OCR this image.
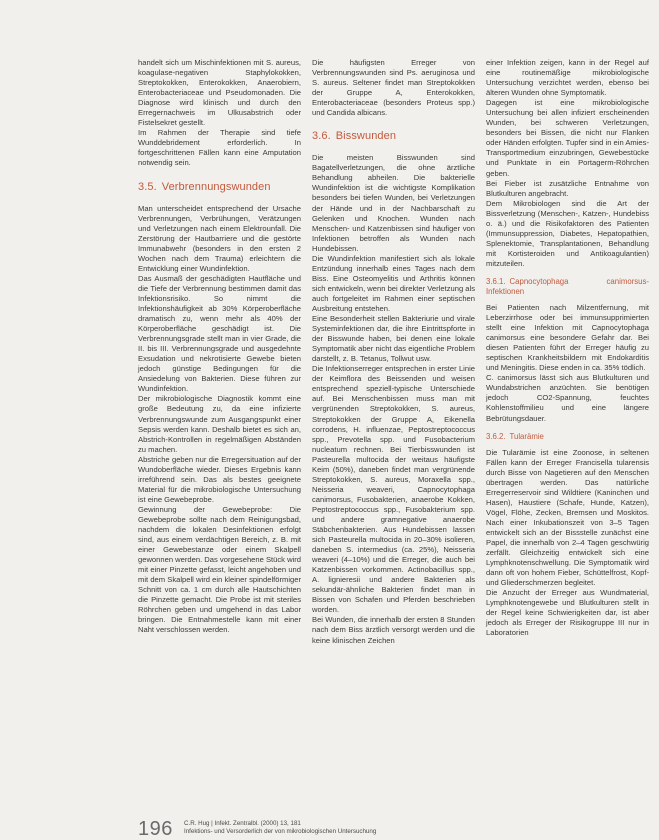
handelt sich um Mischinfektionen mit S. aureus, koagulase-negativen Staphylokokken, Streptokokken, Enterokokken, Anaerobiern, Enterobacteriaceae und Pseudomonaden. Die Diagnose wird klinisch und durch den Erregernachweis im Ulkusabstrich oder Fistelsekret gestellt.

Im Rahmen der Therapie sind tiefe Wunddebridement erforderlich. In fortgeschrittenen Fällen kann eine Amputation notwendig sein.

3.5. Verbrennungswunden

Man unterscheidet entsprechend der Ursache Verbrennungen, Verbrühungen, Verätzungen und Verletzungen nach einem Elektrounfall. Die Zerstörung der Hautbarriere und die gestörte Immunabwehr (besonders in den ersten 2 Wochen nach dem Trauma) erleichtern die Entwicklung einer Wundinfektion.

Das Ausmaß der geschädigten Hautfläche und die Tiefe der Verbrennung bestimmen damit das Infektionsrisiko. So nimmt die Infektionshäufigkeit ab 30% Körperoberfläche dramatisch zu, wenn mehr als 40% der Körperoberfläche geschädigt ist. Die Verbrennungsgrade stellt man in vier Grade, die II. bis III. Verbrennungsgrade und ausgedehnte Exsudation und nekrotisierte Gewebe bieten jedoch günstige Bedingungen für die Ansiedelung von Bakterien. Diese führen zur Wundinfektion.

Der mikrobiologische Diagnostik kommt eine große Bedeutung zu, da eine infizierte Verbrennungswunde zum Ausgangspunkt einer Sepsis werden kann. Deshalb bietet es sich an, Abstrich-Kontrollen in regelmäßigen Abständen zu machen.

Abstriche geben nur die Erregersituation auf der Wundoberfläche wieder. Dieses Ergebnis kann irreführend sein. Das als bestes geeignete Material für die mikrobiologische Untersuchung ist eine Gewebeprobe.

Gewinnung der Gewebeprobe: Die Gewebeprobe sollte nach dem Reinigungsbad, nachdem die lokalen Desinfektionen erfolgt sind, aus einem verdächtigen Bereich, z. B. mit einer Gewebestanze oder einem Skalpell gewonnen werden. Das vorgesehene Stück wird mit einer Pinzette gefasst, leicht angehoben und mit dem Skalpell wird ein kleiner spindelförmiger Schnitt von ca. 1 cm durch alle Hautschichten die Pinzette gemacht. Die Probe ist mit steriles Röhrchen geben und umgehend in das Labor bringen. Die Entnahmestelle kann mit einer Naht verschlossen werden.

Die häufigsten Erreger von Verbrennungswunden sind Ps. aeruginosa und S. aureus. Seltener findet man Streptokokken der Gruppe A, Enterokokken, Enterobacteriaceae (besonders Proteus spp.) und Candida albicans.

3.6. Bisswunden

Die meisten Bisswunden sind Bagatellverletzungen, die ohne ärztliche Behandlung abheilen. Die bakterielle Wundinfektion ist die wichtigste Komplikation besonders bei tiefen Wunden, bei Verletzungen der Hände und in der Nachbarschaft zu Gelenken und Knochen. Wunden nach Menschen- und Katzenbissen sind häufiger von Infektionen betroffen als Wunden nach Hundebissen.

Die Wundinfektion manifestiert sich als lokale Entzündung innerhalb eines Tages nach dem Biss. Eine Osteomyelitis und Arthritis können sich entwickeln, wenn bei direkter Verletzung als auch fortgeleitet im Rahmen einer septischen Ausbreitung entstehen.

Eine Besonderheit stellen Bakteriurie und virale Systeminfektionen dar, die ihre Eintrittspforte in der Bisswunde haben, bei denen eine lokale Symptomatik aber nicht das eigentliche Problem darstellt, z. B. Tetanus, Tollwut usw.

Die Infektionserreger entsprechen in erster Linie der Keimflora des Beissenden und weisen entsprechend speziell-typische Unterschiede auf. Bei Menschenbissen muss man mit vergrünenden Streptokokken, S. aureus, Streptokokken der Gruppe A, Eikenella corrodens, H. influenzae, Peptostreptococcus spp., Prevotella spp. und Fusobacterium nucleatum rechnen. Bei Tierbisswunden ist Pasteurella multocida der weitaus häufigste Keim (50%), daneben findet man vergrünende Streptokokken, S. aureus, Moraxella spp., Neisseria weaveri, Capnocytophaga canimorsus, Fusobakterien, anaerobe Kokken, Peptostreptococcus spp., Fusobakterium spp. und andere gramnegative anaerobe Stäbchenbakterien. Aus Hundebissen lassen sich Pasteurella multocida in 20–30% isolieren, daneben S. intermedius (ca. 25%), Neisseria weaveri (4–10%) und die Erreger, die auch bei Katzenbissen vorkommen. Actinobacillus spp., A. lignieresii und andere Bakterien als sekundär-ähnliche Bakterien findet man in Bissen von Schafen und Pferden beschrieben worden.

Bei Wunden, die innerhalb der ersten 8 Stunden nach dem Biss ärztlich versorgt werden und die keine klinischen Zeichen

einer Infektion zeigen, kann in der Regel auf eine routinemäßige mikrobiologische Untersuchung verzichtet werden, ebenso bei älteren Wunden ohne Symptomatik.

Dagegen ist eine mikrobiologische Untersuchung bei allen infiziert erscheinenden Wunden, bei schweren Verletzungen, besonders bei Bissen, die nicht nur Flanken oder Händen erfolgten. Tupfer sind in ein Amies-Transportmedium einzubringen, Gewebestücke und Punktate in ein Portagerm-Röhrchen geben.

Bei Fieber ist zusätzliche Entnahme von Blutkulturen angebracht.

Dem Mikrobiologen sind die Art der Bissverletzung (Menschen-, Katzen-, Hundebiss o. ä.) und die Risikofaktoren des Patienten (Immunsuppression, Diabetes, Hepatopathien, Splenektomie, Transplantationen, Behandlung mit Kortisteroiden und Antikoagulantien) mitzuteilen.

3.6.1. Capnocytophaga canimorsus-Infektionen

Bei Patienten nach Milzentfernung, mit Leberzirrhose oder bei immunsupprimierten stellt eine Infektion mit Capnocytophaga canimorsus eine besondere Gefahr dar. Bei diesen Patienten führt der Erreger häufig zu septischen Krankheitsbildern mit Endokarditis und Meningitis. Diese enden in ca. 35% tödlich.

C. canimorsus lässt sich aus Blutkulturen und Wundabstrichen anzüchten. Sie benötigen jedoch CO2-Spannung, feuchtes Kohlenstoffmilieu und eine längere Bebrütungsdauer.

3.6.2. Tularämie

Die Tularämie ist eine Zoonose, in seltenen Fällen kann der Erreger Francisella tularensis durch Bisse von Nagetieren auf den Menschen übertragen werden. Das natürliche Erregerreservoir sind Wildtiere (Kaninchen und Hasen), Haustiere (Schafe, Hunde, Katzen), Vögel, Flöhe, Zecken, Bremsen und Moskitos. Nach einer Inkubationszeit von 3–5 Tagen entwickelt sich an der Bissstelle zunächst eine Papel, die innerhalb von 2–4 Tagen geschwürig zerfällt. Gleichzeitig entwickelt sich eine Lymphknotenschwellung. Die Symptomatik wird dann oft von hohem Fieber, Schüttelfrost, Kopf- und Gliederschmerzen begleitet.

Die Anzucht der Erreger aus Wundmaterial, Lymphknotengewebe und Blutkulturen stellt in der Regel keine Schwierigkeiten dar, ist aber jedoch als Erreger der Risikogruppe III nur in Laboratorien

196 C.R. Hug | Infekt. Zentralbl. (2000) 13, 181
Infektions- und Versorderlich der von mikrobiologischen Untersuchung
